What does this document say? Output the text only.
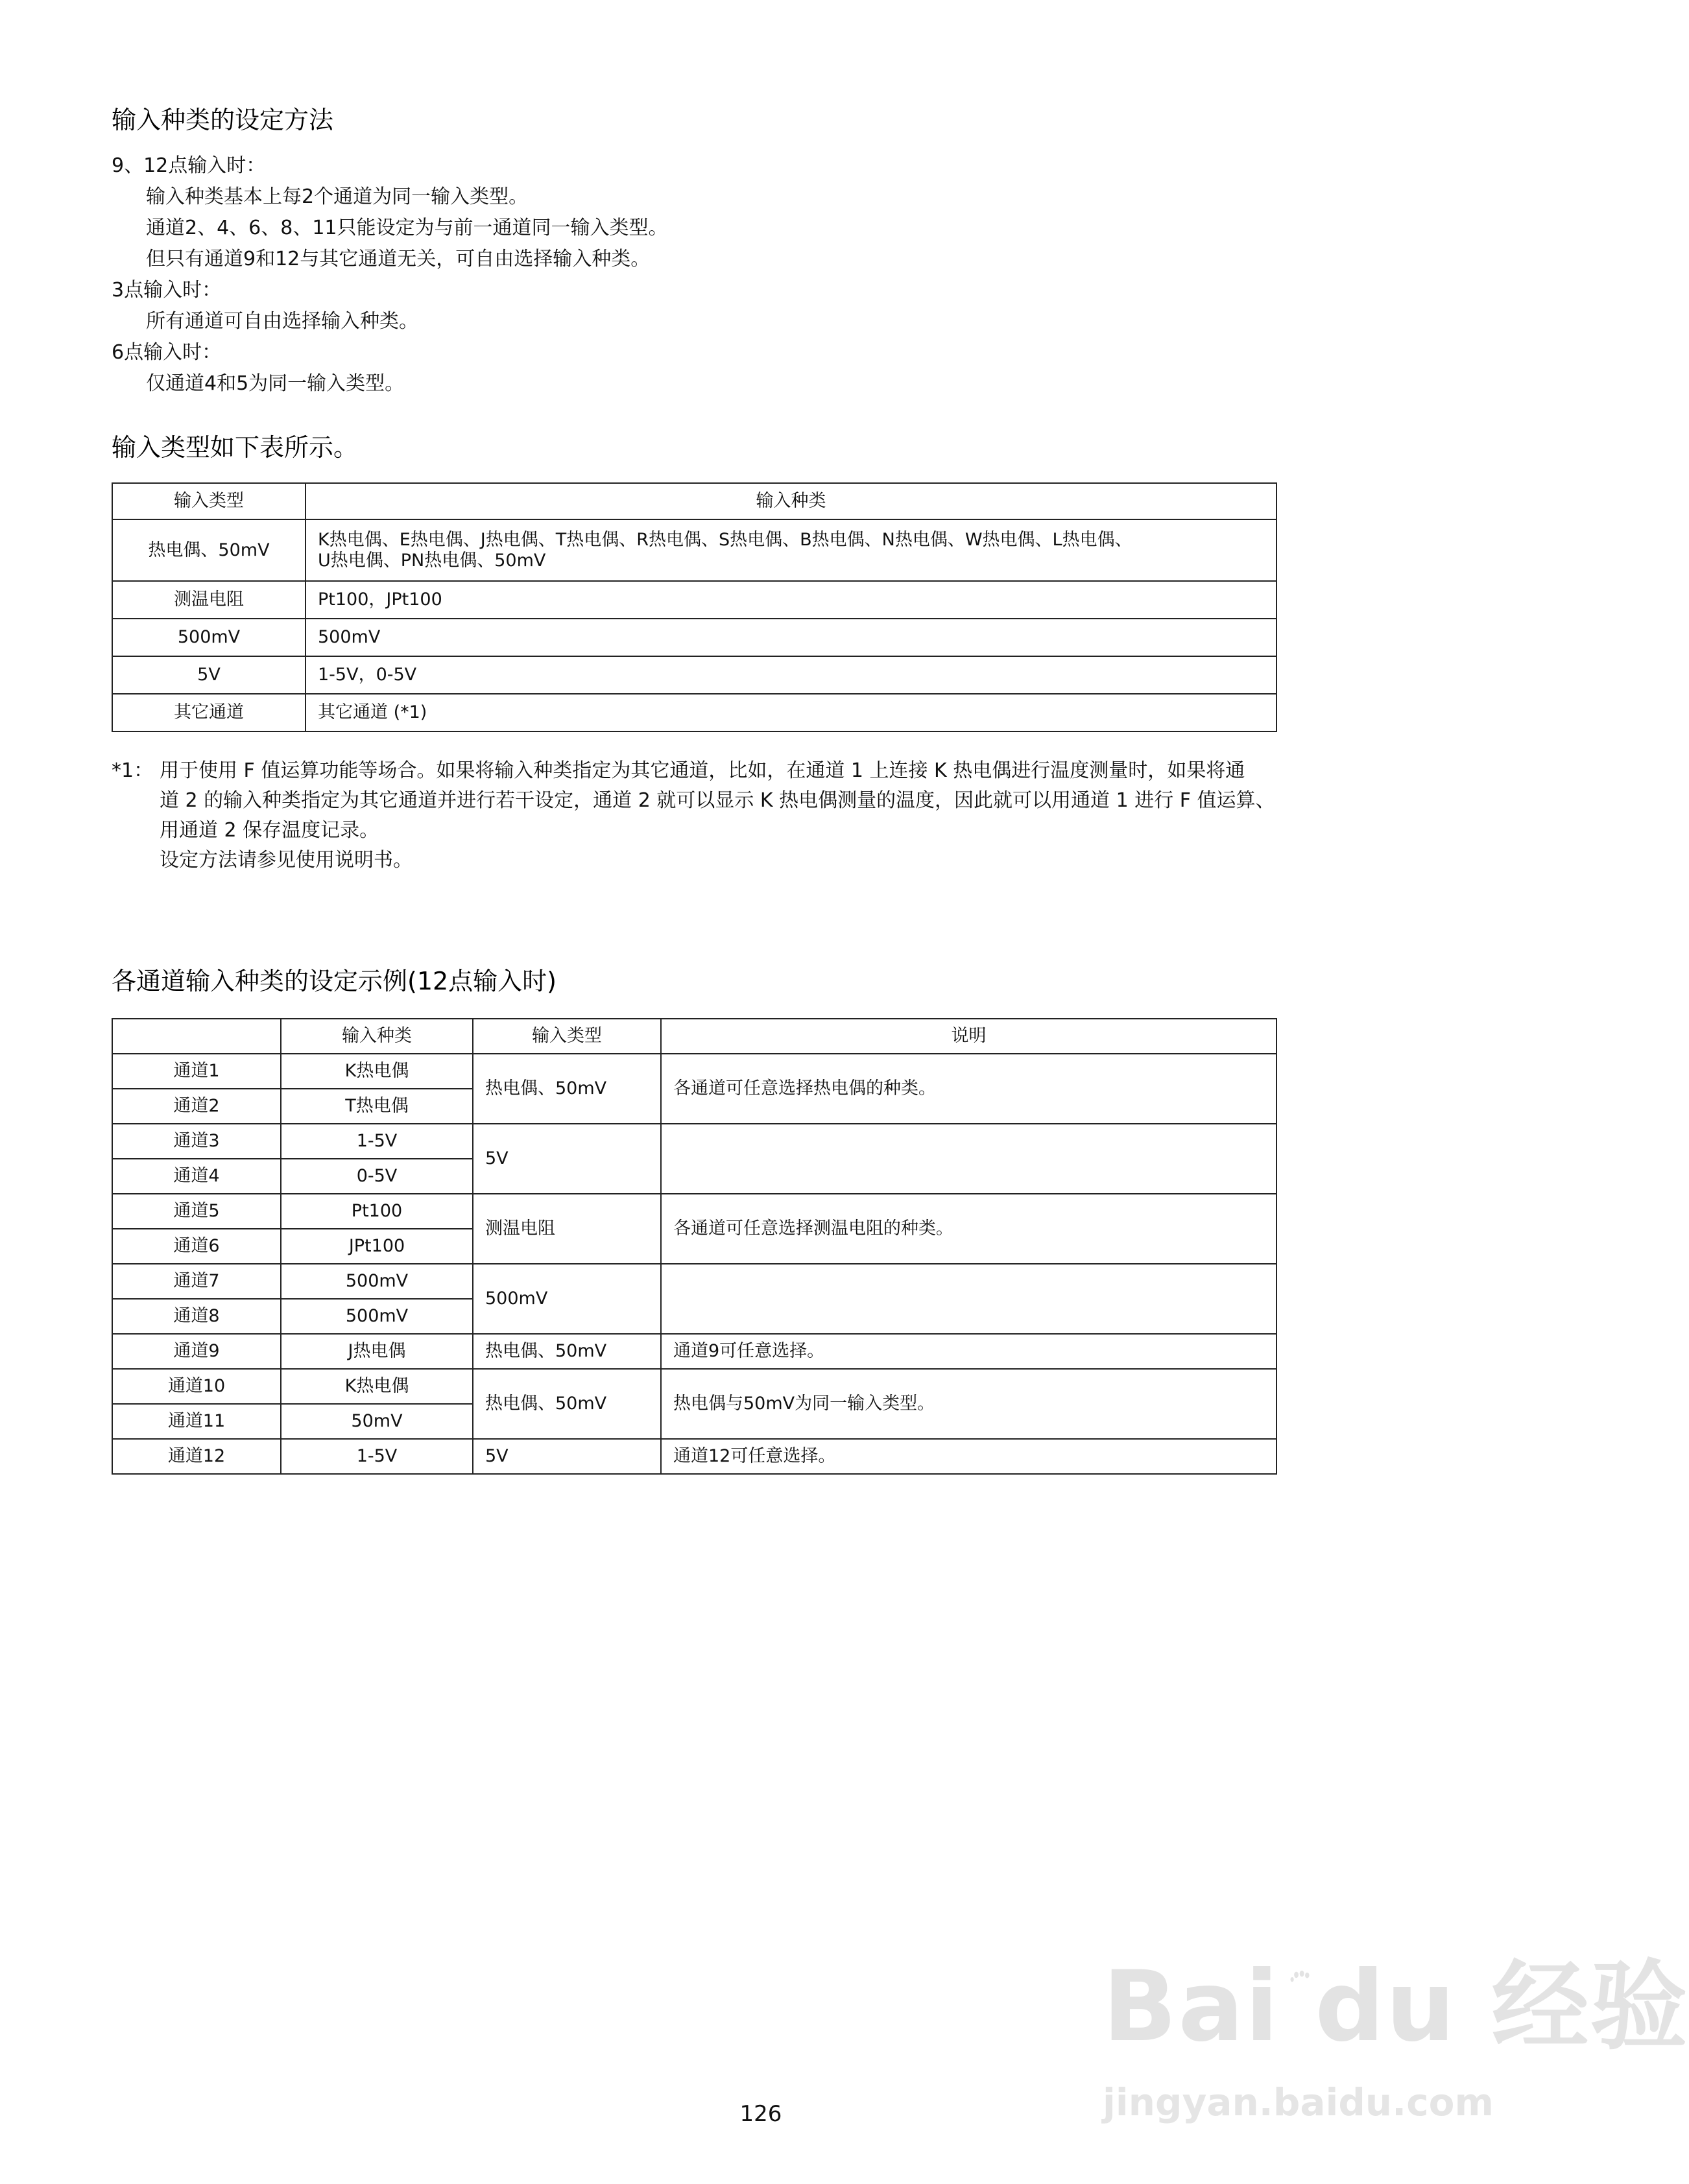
输入种类的设定方法
9、12点输入时：
输入种类基本上每2个通道为同一输入类型。
通道2、4、6、8、11只能设定为与前一通道同一输入类型。
但只有通道9和12与其它通道无关，可自由选择输入种类。
3点输入时：
所有通道可自由选择输入种类。
6点输入时：
仅通道4和5为同一输入类型。
输入类型如下表所示。
输入类型	输入种类
热电偶、50mV	K热电偶、E热电偶、J热电偶、T热电偶、R热电偶、S热电偶、B热电偶、N热电偶、W热电偶、L热电偶、
U热电偶、PN热电偶、50mV

测温电阻	Pt100，JPt100
500mV	500mV
5V	1-5V，0-5V
其它通道	其它通道 (*1)
*1： 用于使用 F 值运算功能等场合。如果将输入种类指定为其它通道，比如，在通道 1 上连接 K 热电偶进行温度测量时，如果将通
道 2 的输入种类指定为其它通道并进行若干设定，通道 2 就可以显示 K 热电偶测量的温度，因此就可以用通道 1 进行 F 值运算、
用通道 2 保存温度记录。
设定方法请参见使用说明书。
各通道输入种类的设定示例(12点输入时)
	输入种类	输入类型	说明
通道1	K热电偶	热电偶、50mV	各通道可任意选择热电偶的种类。
通道2	T热电偶		
通道3	1-5V	5V	
通道4	0-5V		
通道5	Pt100	测温电阻	各通道可任意选择测温电阻的种类。
通道6	JPt100		
通道7	500mV	500mV	
通道8	500mV		
通道9	J热电偶	热电偶、50mV	通道9可任意选择。
通道10	K热电偶	热电偶、50mV	热电偶与50mV为同一输入类型。
通道11	50mV		
通道12	1-5V	5V	通道12可任意选择。
126
Bai du 经验
jingyan.baidu.com
